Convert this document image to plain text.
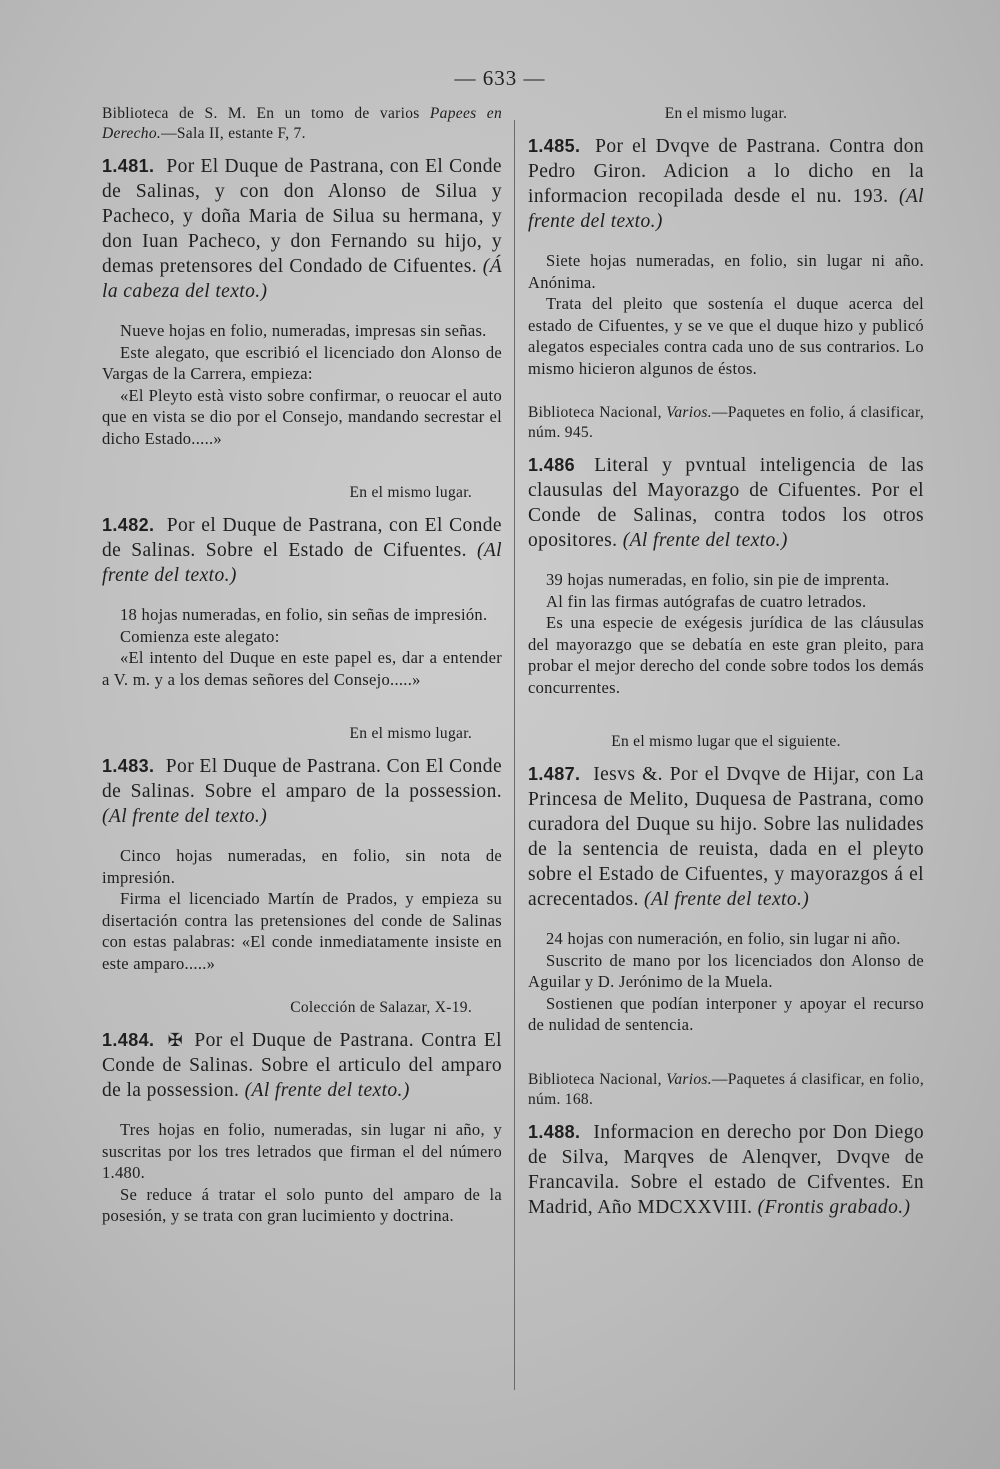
— 633 —
Biblioteca de S. M. En un tomo de varios Papees en Derecho.—Sala II, estante F, 7.
1.481. Por El Duque de Pastrana, con El Conde de Salinas, y con don Alonso de Silua y Pacheco, y doña Maria de Silua su hermana, y don Iuan Pacheco, y don Fernando su hijo, y demas pretensores del Condado de Cifuentes. (Á la cabeza del texto.)

Nueve hojas en folio, numeradas, impresas sin señas.

Este alegato, que escribió el licenciado don Alonso de Vargas de la Carrera, empieza:

«El Pleyto està visto sobre confirmar, o reuocar el auto que en vista se dio por el Consejo, mandando secrestar el dicho Estado.....»

En el mismo lugar.
1.482. Por el Duque de Pastrana, con El Conde de Salinas. Sobre el Estado de Cifuentes. (Al frente del texto.)

18 hojas numeradas, en folio, sin señas de impresión.

Comienza este alegato:

«El intento del Duque en este papel es, dar a entender a V. m. y a los demas señores del Consejo.....»

En el mismo lugar.
1.483. Por El Duque de Pastrana. Con El Conde de Salinas. Sobre el amparo de la possession. (Al frente del texto.)

Cinco hojas numeradas, en folio, sin nota de impresión.

Firma el licenciado Martín de Prados, y empieza su disertación contra las pretensiones del conde de Salinas con estas palabras: «El conde inmediatamente insiste en este amparo.....»

Colección de Salazar, X-19.
1.484. ✠ Por el Duque de Pastrana. Contra El Conde de Salinas. Sobre el articulo del amparo de la possession. (Al frente del texto.)

Tres hojas en folio, numeradas, sin lugar ni año, y suscritas por los tres letrados que firman el del número 1.480.

Se reduce á tratar el solo punto del amparo de la posesión, y se trata con gran lucimiento y doctrina.

En el mismo lugar.
1.485. Por el Dvqve de Pastrana. Contra don Pedro Giron. Adicion a lo dicho en la informacion recopilada desde el nu. 193. (Al frente del texto.)

Siete hojas numeradas, en folio, sin lugar ni año. Anónima.

Trata del pleito que sostenía el duque acerca del estado de Cifuentes, y se ve que el duque hizo y publicó alegatos especiales contra cada uno de sus contrarios. Lo mismo hicieron algunos de éstos.

Biblioteca Nacional, Varios.—Paquetes en folio, á clasificar, núm. 945.
1.486 Literal y pvntual inteligencia de las clausulas del Mayorazgo de Cifuentes. Por el Conde de Salinas, contra todos los otros opositores. (Al frente del texto.)

39 hojas numeradas, en folio, sin pie de imprenta.

Al fin las firmas autógrafas de cuatro letrados.

Es una especie de exégesis jurídica de las cláusulas del mayorazgo que se debatía en este gran pleito, para probar el mejor derecho del conde sobre todos los demás concurrentes.

En el mismo lugar que el siguiente.
1.487. Iesvs &. Por el Dvqve de Hijar, con La Princesa de Melito, Duquesa de Pastrana, como curadora del Duque su hijo. Sobre las nulidades de la sentencia de reuista, dada en el pleyto sobre el Estado de Cifuentes, y mayorazgos á el acrecentados. (Al frente del texto.)

24 hojas con numeración, en folio, sin lugar ni año.

Suscrito de mano por los licenciados don Alonso de Aguilar y D. Jerónimo de la Muela.

Sostienen que podían interponer y apoyar el recurso de nulidad de sentencia.

Biblioteca Nacional, Varios.—Paquetes á clasificar, en folio, núm. 168.
1.488. Informacion en derecho por Don Diego de Silva, Marqves de Alenqver, Dvqve de Francavila. Sobre el estado de Cifventes. En Madrid, Año MDCXXVIII. (Frontis grabado.)
